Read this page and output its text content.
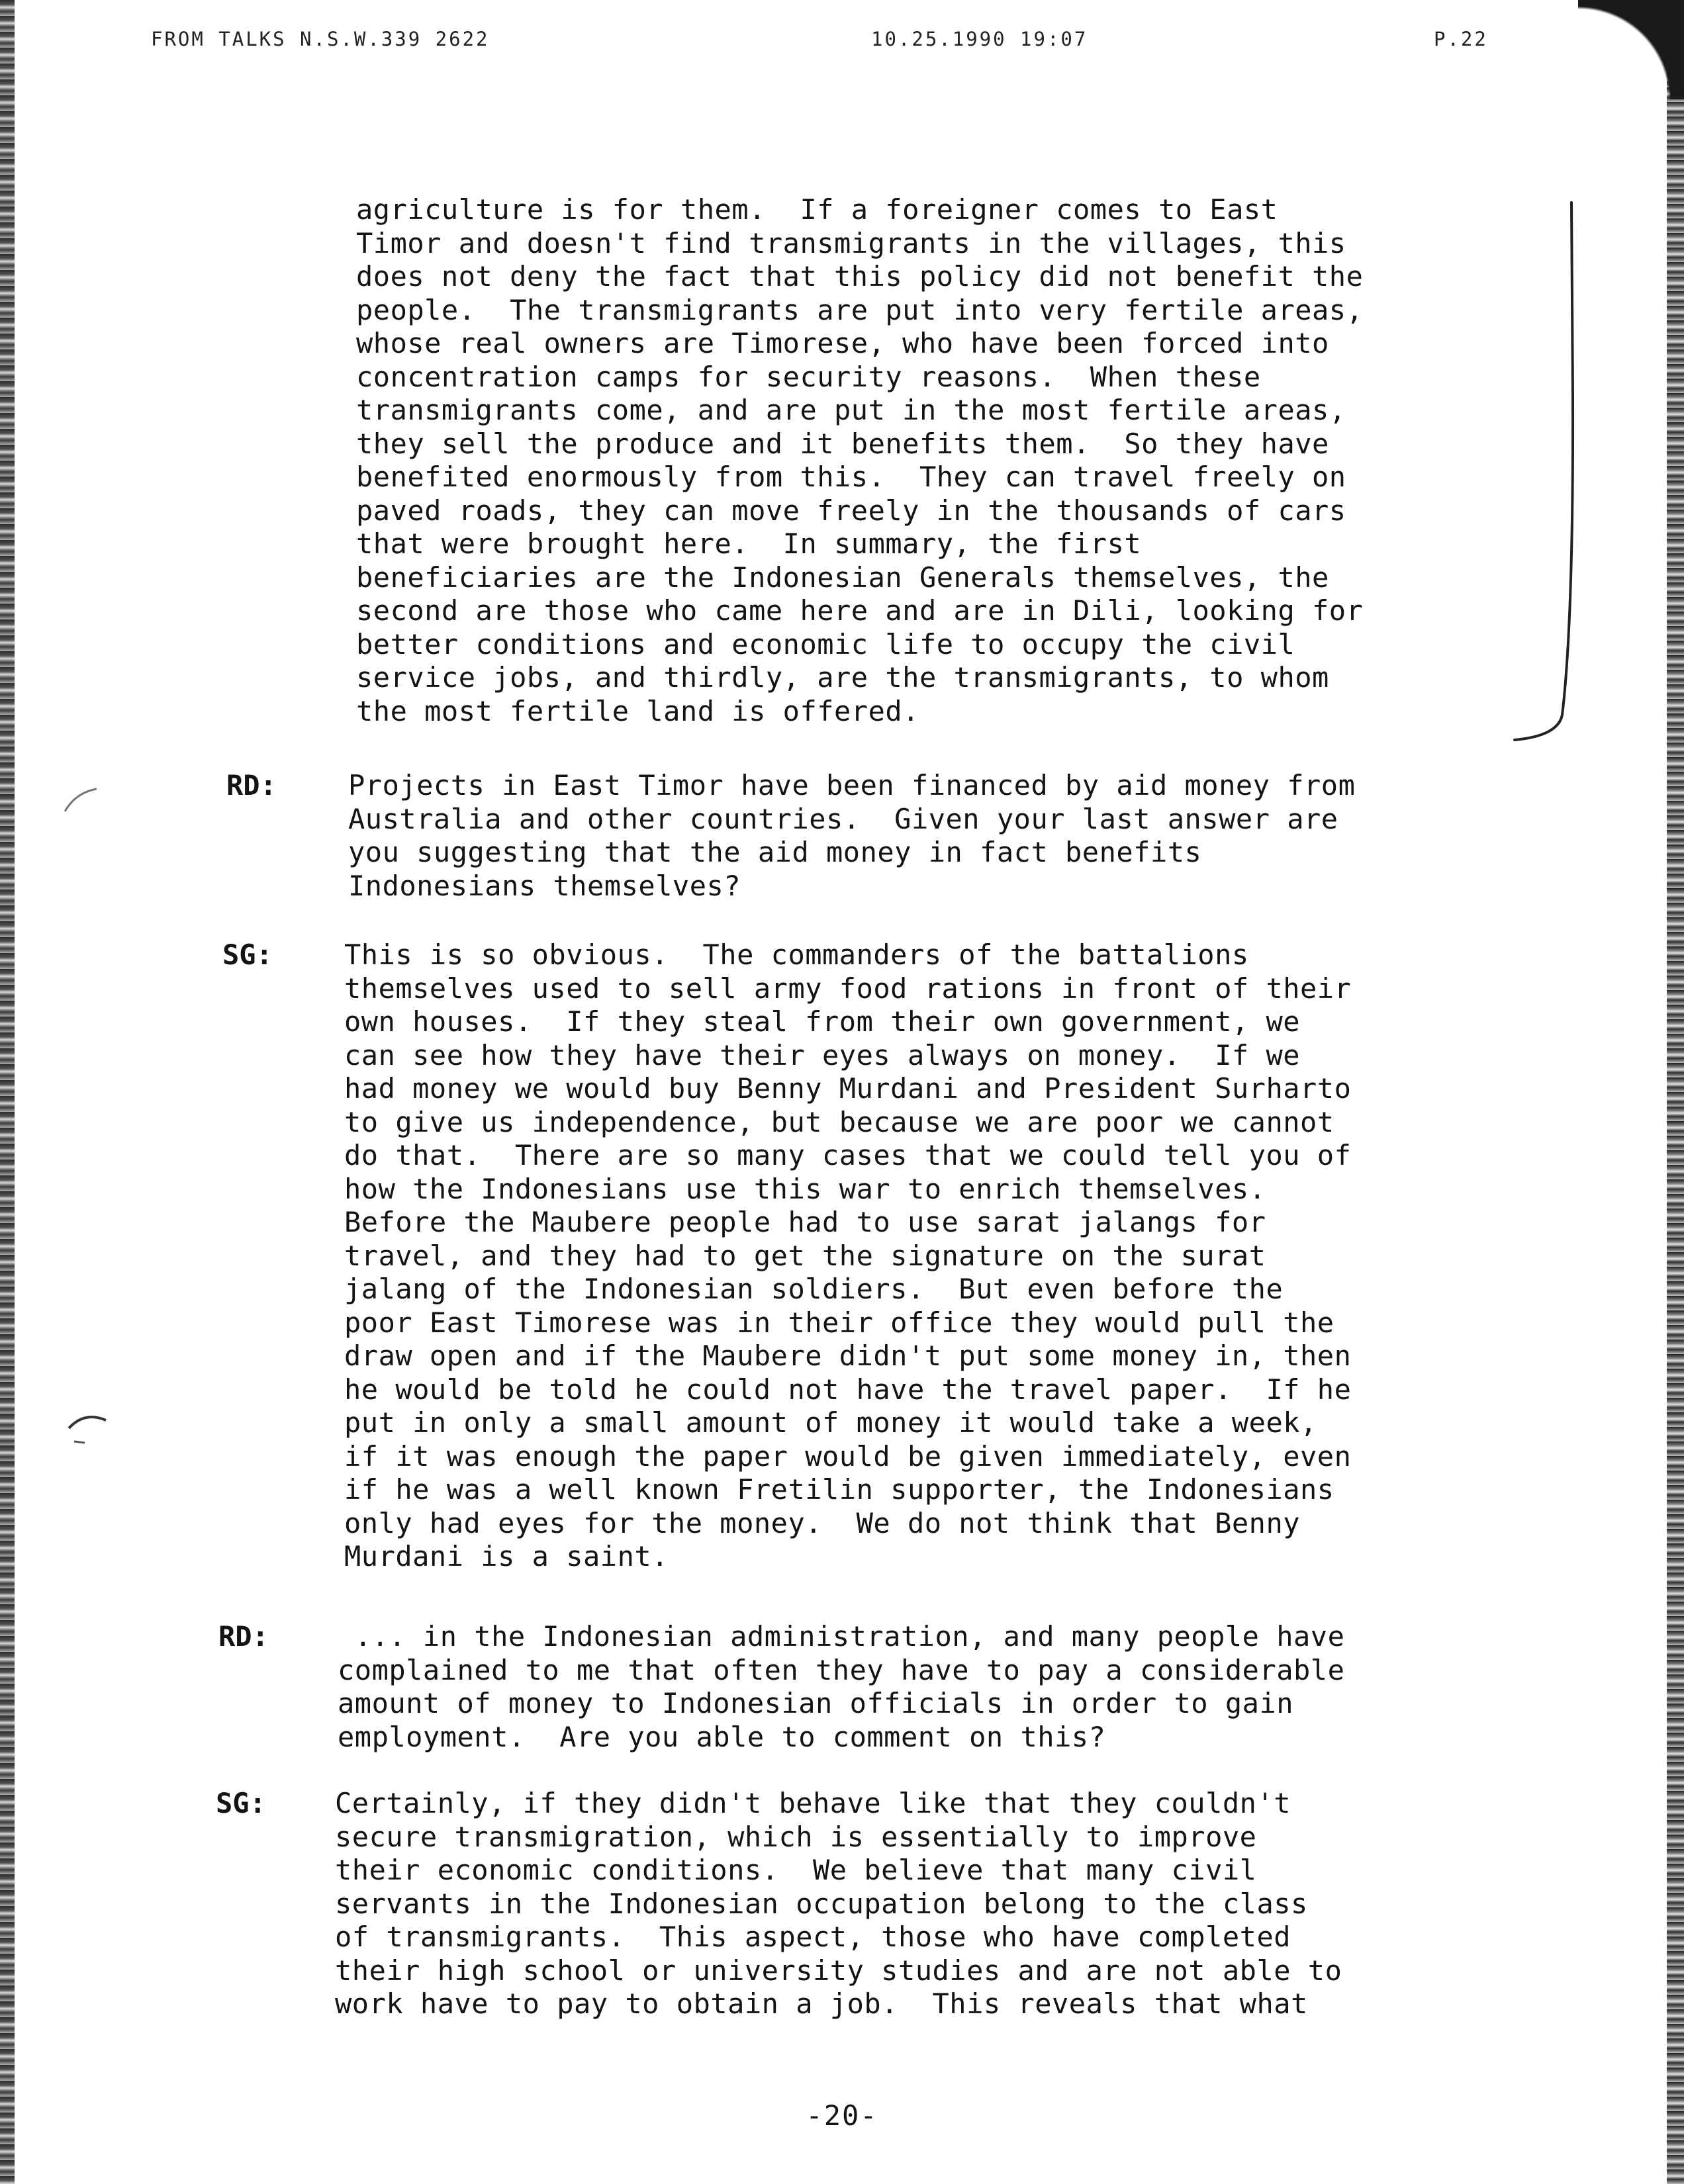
FROM TALKS N.S.W.339 2622	10.25.1990 19:07	P.22
agriculture is for them.  If a foreigner comes to East
Timor and doesn't find transmigrants in the villages, this
does not deny the fact that this policy did not benefit the
people.  The transmigrants are put into very fertile areas,
whose real owners are Timorese, who have been forced into
concentration camps for security reasons.  When these
transmigrants come, and are put in the most fertile areas,
they sell the produce and it benefits them.  So they have
benefited enormously from this.  They can travel freely on
paved roads, they can move freely in the thousands of cars
that were brought here.  In summary, the first
beneficiaries are the Indonesian Generals themselves, the
second are those who came here and are in Dili, looking for
better conditions and economic life to occupy the civil
service jobs, and thirdly, are the transmigrants, to whom
the most fertile land is offered.
RD:	Projects in East Timor have been financed by aid money from
Australia and other countries.  Given your last answer are
you suggesting that the aid money in fact benefits
Indonesians themselves?
SG:	This is so obvious.  The commanders of the battalions
themselves used to sell army food rations in front of their
own houses.  If they steal from their own government, we
can see how they have their eyes always on money.  If we
had money we would buy Benny Murdani and President Surharto
to give us independence, but because we are poor we cannot
do that.  There are so many cases that we could tell you of
how the Indonesians use this war to enrich themselves.
Before the Maubere people had to use sarat jalangs for
travel, and they had to get the signature on the surat
jalang of the Indonesian soldiers.  But even before the
poor East Timorese was in their office they would pull the
draw open and if the Maubere didn't put some money in, then
he would be told he could not have the travel paper.  If he
put in only a small amount of money it would take a week,
if it was enough the paper would be given immediately, even
if he was a well known Fretilin supporter, the Indonesians
only had eyes for the money.  We do not think that Benny
Murdani is a saint.
RD: ... in the Indonesian administration, and many people have
complained to me that often they have to pay a considerable
amount of money to Indonesian officials in order to gain
employment.  Are you able to comment on this?
SG: Certainly, if they didn't behave like that they couldn't
secure transmigration, which is essentially to improve
their economic conditions.  We believe that many civil
servants in the Indonesian occupation belong to the class
of transmigrants.  This aspect, those who have completed
their high school or university studies and are not able to
work have to pay to obtain a job.  This reveals that what
-20-
